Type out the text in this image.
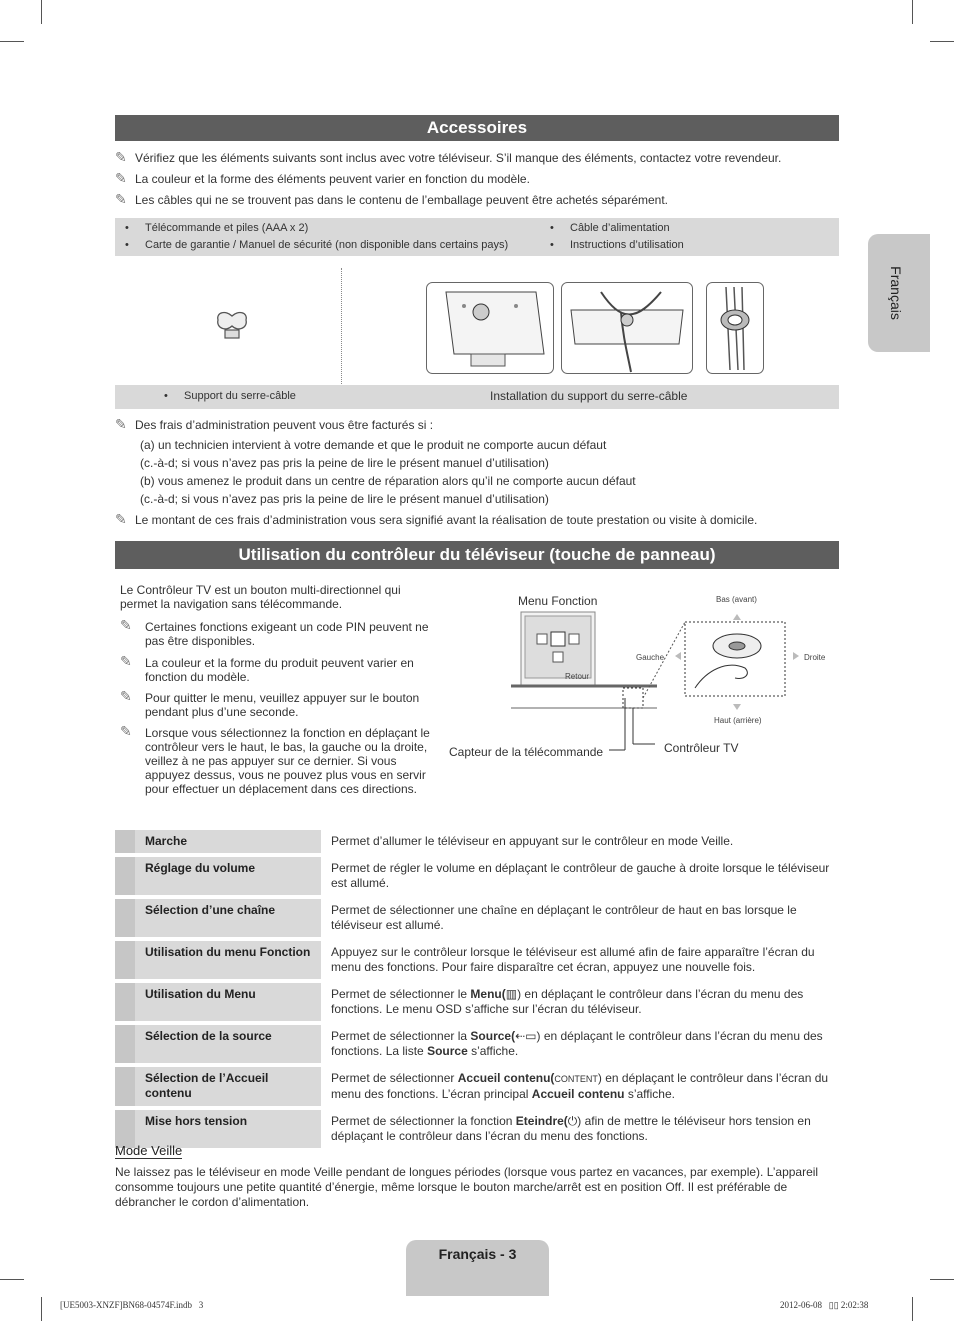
Français
Accessoires
✎ Vérifiez que les éléments suivants sont inclus avec votre téléviseur. S’il manque des éléments, contactez votre revendeur.
✎ La couleur et la forme des éléments peuvent varier en fonction du modèle.
✎ Les câbles qui ne se trouvent pas dans le contenu de l’emballage peuvent être achetés séparément.
• Télécommande et piles (AAA x 2)
• Carte de garantie / Manuel de sécurité (non disponible dans certains pays)
• Câble d’alimentation
• Instructions d’utilisation
• Support du serre-câble	Installation du support du serre-câble
✎ Des frais d’administration peuvent vous être facturés si :
(a) un technicien intervient à votre demande et que le produit ne comporte aucun défaut
(c.-à-d; si vous n’avez pas pris la peine de lire le présent manuel d’utilisation)
(b) vous amenez le produit dans un centre de réparation alors qu’il ne comporte aucun défaut
(c.-à-d; si vous n’avez pas pris la peine de lire le présent manuel d’utilisation)
✎ Le montant de ces frais d’administration vous sera signifié avant la réalisation de toute prestation ou visite à domicile.
Utilisation du contrôleur du téléviseur (touche de panneau)
Le Contrôleur TV est un bouton multi-directionnel qui permet la navigation sans télécommande.
✎	Certaines fonctions exigeant un code PIN peuvent ne pas être disponibles.
✎	La couleur et la forme du produit peuvent varier en fonction du modèle.
✎	Pour quitter le menu, veuillez appuyer sur le bouton pendant plus d’une seconde.
✎	Lorsque vous sélectionnez la fonction en déplaçant le contrôleur vers le haut, le bas, la gauche ou la droite, veillez à ne pas appuyer sur ce dernier. Si vous appuyez dessus, vous ne pouvez plus vous en servir pour effectuer un déplacement dans ces directions.
Menu Fonction
Retour
Bas (avant)
Haut (arrière)
Gauche	Droite
Capteur de la télécommande	Contrôleur TV
	Marche	Permet d’allumer le téléviseur en appuyant sur le contrôleur en mode Veille.
	Réglage du volume	Permet de régler le volume en déplaçant le contrôleur de gauche à droite lorsque le téléviseur est allumé.
	Sélection d’une chaîne	Permet de sélectionner une chaîne en déplaçant le contrôleur de haut en bas lorsque le téléviseur est allumé.
	Utilisation du menu Fonction	Appuyez sur le contrôleur lorsque le téléviseur est allumé afin de faire apparaître l’écran du menu des fonctions. Pour faire disparaître cet écran, appuyez une nouvelle fois.
	Utilisation du Menu	Permet de sélectionner le Menu(▥) en déplaçant le contrôleur dans l’écran du menu des fonctions. Le menu OSD s’affiche sur l’écran du téléviseur.
	Sélection de la source	Permet de sélectionner la Source(⇠▭) en déplaçant le contrôleur dans l’écran du menu des fonctions. La liste Source s’affiche.
	Sélection de l’Accueil contenu	Permet de sélectionner Accueil contenu(CONTENT) en déplaçant le contrôleur dans l’écran du menu des fonctions. L’écran principal Accueil contenu s’affiche.
	Mise hors tension	Permet de sélectionner la fonction Eteindre(⏻) afin de mettre le téléviseur hors tension en déplaçant le contrôleur dans l’écran du menu des fonctions.
Mode Veille
Ne laissez pas le téléviseur en mode Veille pendant de longues périodes (lorsque vous partez en vacances, par exemple). L’appareil consomme toujours une petite quantité d’énergie, même lorsque le bouton marche/arrêt est en position Off. Il est préférable de débrancher le cordon d’alimentation.
Français - 3
[UE5003-XNZF]BN68-04574F.indb   3	2012-06-08   ▯▯ 2:02:38
